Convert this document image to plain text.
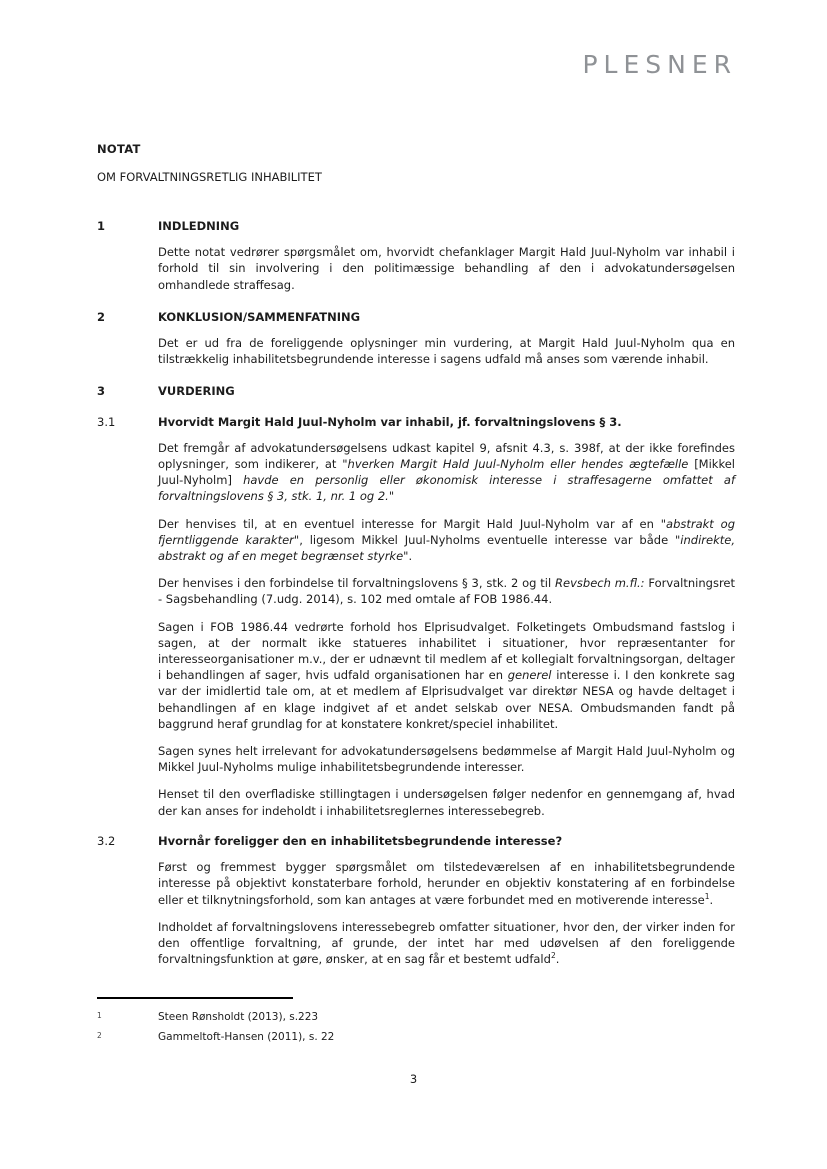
PLESNER
NOTAT
OM FORVALTNINGSRETLIG INHABILITET
1	INDLEDNING
Dette notat vedrører spørgsmålet om, hvorvidt chefanklager Margit Hald Juul-Nyholm var inhabil i forhold til sin involvering i den politimæssige behandling af den i advokatundersøgelsen omhandlede straffesag.
2	KONKLUSION/SAMMENFATNING
Det er ud fra de foreliggende oplysninger min vurdering, at Margit Hald Juul-Nyholm qua en tilstrækkelig inhabilitetsbegrundende interesse i sagens udfald må anses som værende inhabil.
3	VURDERING
3.1	Hvorvidt Margit Hald Juul-Nyholm var inhabil, jf. forvaltningslovens § 3.
Det fremgår af advokatundersøgelsens udkast kapitel 9, afsnit 4.3, s. 398f, at der ikke forefindes oplysninger, som indikerer, at "hverken Margit Hald Juul-Nyholm eller hendes ægtefælle [Mikkel Juul-Nyholm] havde en personlig eller økonomisk interesse i straffesagerne omfattet af forvaltningslovens § 3, stk. 1, nr. 1 og 2."
Der henvises til, at en eventuel interesse for Margit Hald Juul-Nyholm var af en "abstrakt og fjerntliggende karakter", ligesom Mikkel Juul-Nyholms eventuelle interesse var både "indirekte, abstrakt og af en meget begrænset styrke".
Der henvises i den forbindelse til forvaltningslovens § 3, stk. 2 og til Revsbech m.fl.: Forvaltningsret - Sagsbehandling (7.udg. 2014), s. 102 med omtale af FOB 1986.44.
Sagen i FOB 1986.44 vedrørte forhold hos Elprisudvalget. Folketingets Ombudsmand fastslog i sagen, at der normalt ikke statueres inhabilitet i situationer, hvor repræsentanter for interesseorganisationer m.v., der er udnævnt til medlem af et kollegialt forvaltningsorgan, deltager i behandlingen af sager, hvis udfald organisationen har en generel interesse i. I den konkrete sag var der imidlertid tale om, at et medlem af Elprisudvalget var direktør NESA og havde deltaget i behandlingen af en klage indgivet af et andet selskab over NESA. Ombudsmanden fandt på baggrund heraf grundlag for at konstatere konkret/speciel inhabilitet.
Sagen synes helt irrelevant for advokatundersøgelsens bedømmelse af Margit Hald Juul-Nyholm og Mikkel Juul-Nyholms mulige inhabilitetsbegrundende interesser.
Henset til den overfladiske stillingtagen i undersøgelsen følger nedenfor en gennemgang af, hvad der kan anses for indeholdt i inhabilitetsreglernes interessebegreb.
3.2	Hvornår foreligger den en inhabilitetsbegrundende interesse?
Først og fremmest bygger spørgsmålet om tilstedeværelsen af en inhabilitetsbegrundende interesse på objektivt konstaterbare forhold, herunder en objektiv konstatering af en forbindelse eller et tilknytningsforhold, som kan antages at være forbundet med en motiverende interesse$^1$.
Indholdet af forvaltningslovens interessebegreb omfatter situationer, hvor den, der virker inden for den offentlige forvaltning, af grunde, der intet har med udøvelsen af den foreliggende forvaltningsfunktion at gøre, ønsker, at en sag får et bestemt udfald$^2$.
1	Steen Rønsholdt (2013), s.223
2	Gammeltoft-Hansen (2011), s. 22
3
